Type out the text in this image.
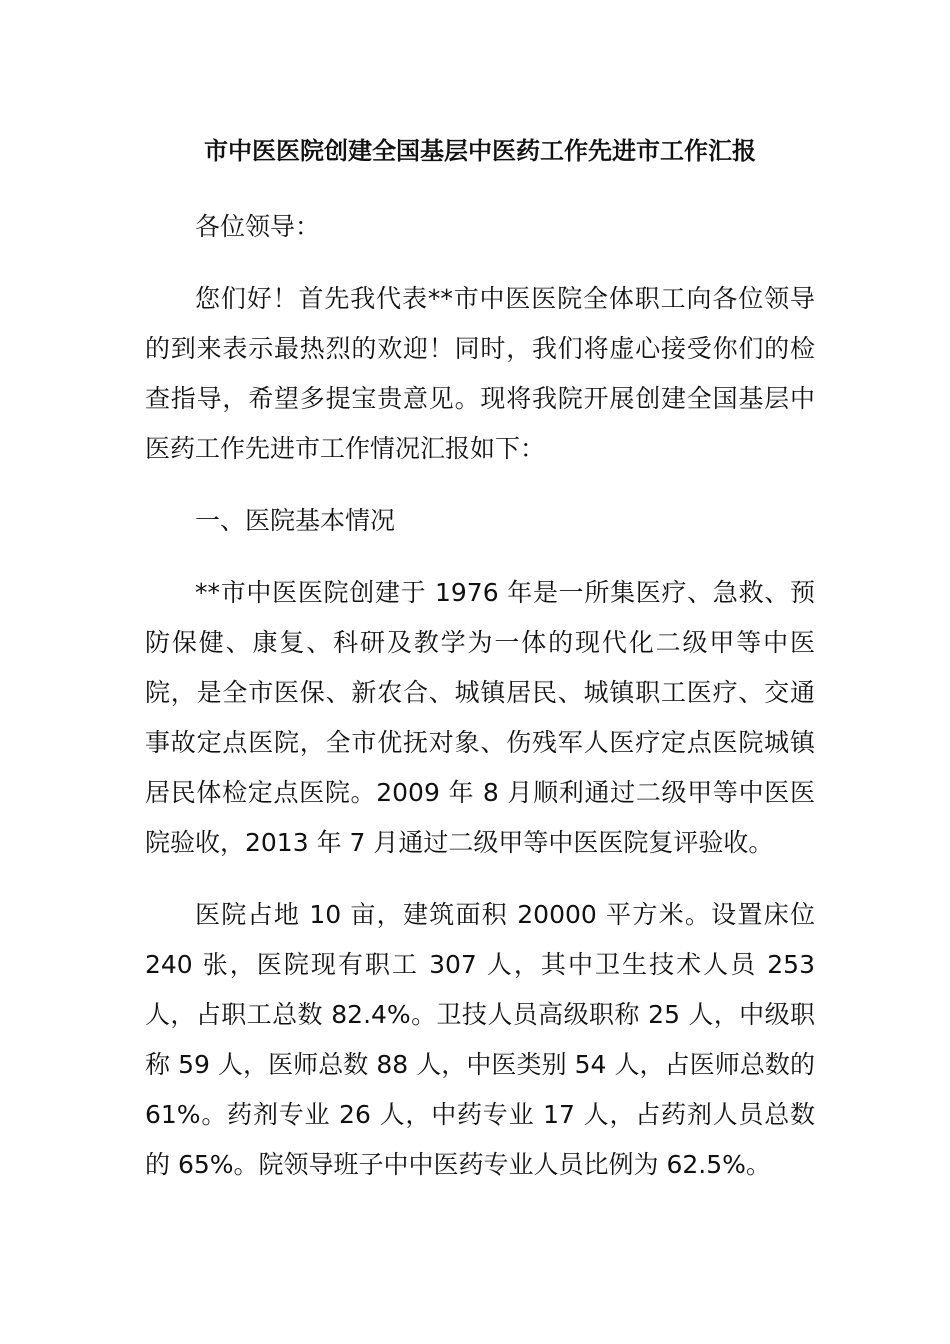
市中医医院创建全国基层中医药工作先进市工作汇报

各位领导：

您们好！首先我代表**市中医医院全体职工向各位领导的到来表示最热烈的欢迎！同时，我们将虚心接受你们的检查指导，希望多提宝贵意见。现将我院开展创建全国基层中医药工作先进市工作情况汇报如下：

一、医院基本情况

**市中医医院创建于 1976 年是一所集医疗、急救、预防保健、康复、科研及教学为一体的现代化二级甲等中医院，是全市医保、新农合、城镇居民、城镇职工医疗、交通事故定点医院，全市优抚对象、伤残军人医疗定点医院城镇居民体检定点医院。2009 年 8 月顺利通过二级甲等中医医院验收，2013 年 7 月通过二级甲等中医医院复评验收。

医院占地 10 亩，建筑面积 20000 平方米。设置床位 240 张，医院现有职工 307 人，其中卫生技术人员 253 人，占职工总数 82.4%。卫技人员高级职称 25 人，中级职称 59 人，医师总数 88 人，中医类别 54 人，占医师总数的 61%。药剂专业 26 人，中药专业 17 人，占药剂人员总数的 65%。院领导班子中中医药专业人员比例为 62.5%。
